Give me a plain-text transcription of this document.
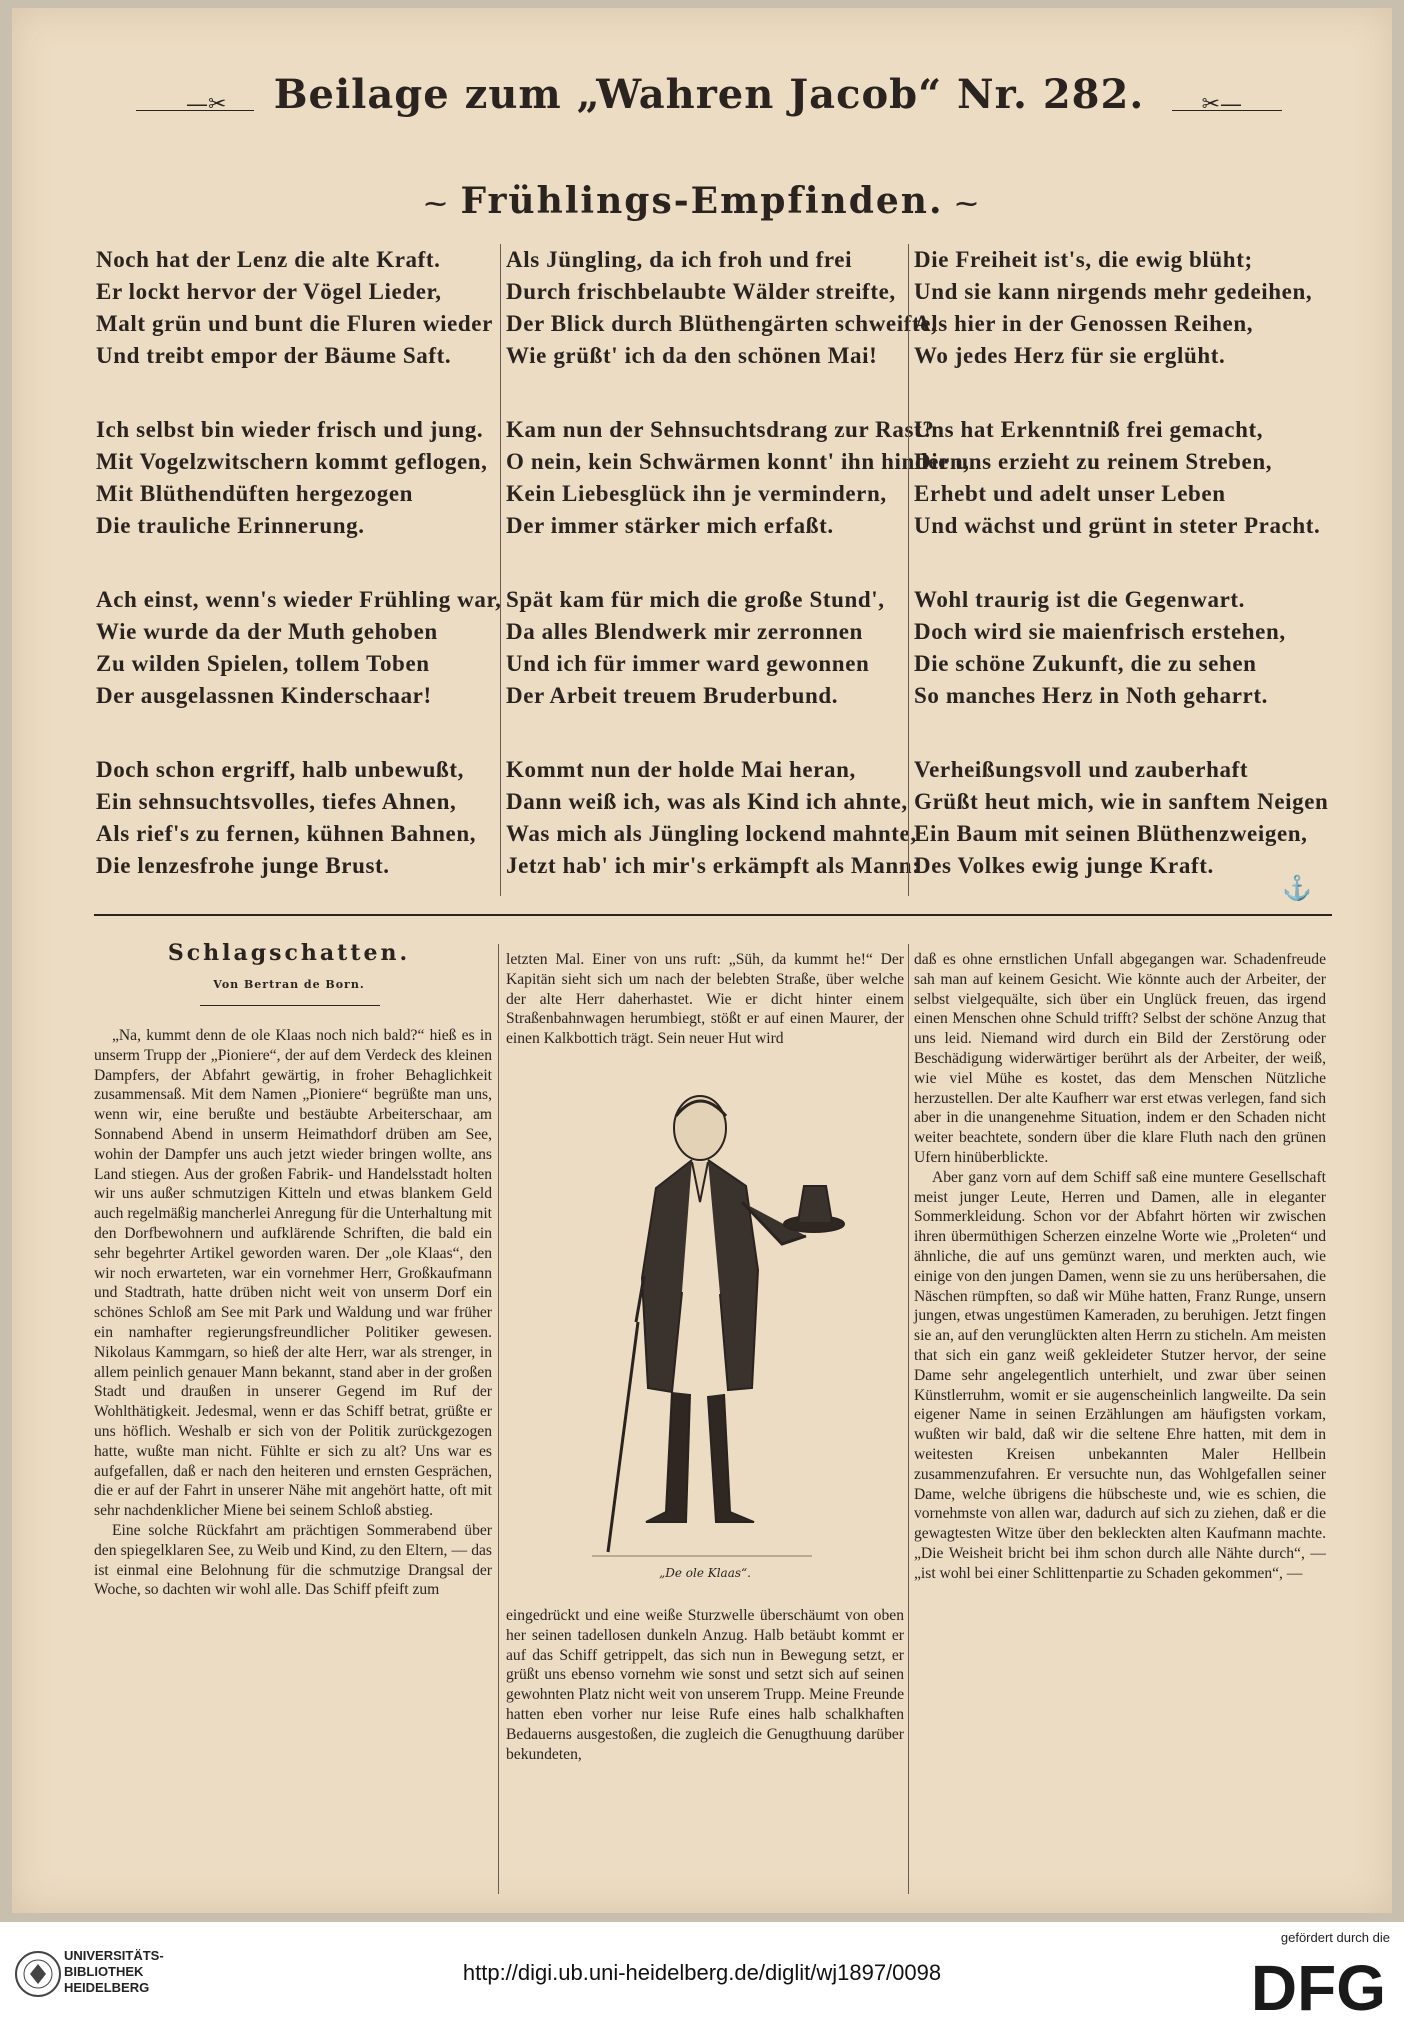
—✂	Beilage zum „Wahren Jacob“ Nr. 282.	✂—
⁓ Frühlings-Empfinden. ⁓
Noch hat der Lenz die alte Kraft.
Er lockt hervor der Vögel Lieder,
Malt grün und bunt die Fluren wieder
Und treibt empor der Bäume Saft.
Ich selbst bin wieder frisch und jung.
Mit Vogelzwitschern kommt geflogen,
Mit Blüthendüften hergezogen
Die trauliche Erinnerung.
Ach einst, wenn's wieder Frühling war,
Wie wurde da der Muth gehoben
Zu wilden Spielen, tollem Toben
Der ausgelassnen Kinderschaar!
Doch schon ergriff, halb unbewußt,
Ein sehnsuchtsvolles, tiefes Ahnen,
Als rief's zu fernen, kühnen Bahnen,
Die lenzesfrohe junge Brust.
Als Jüngling, da ich froh und frei
Durch frischbelaubte Wälder streifte,
Der Blick durch Blüthengärten schweifte,
Wie grüßt' ich da den schönen Mai!
Kam nun der Sehnsuchtsdrang zur Rast?
O nein, kein Schwärmen konnt' ihn hindern,
Kein Liebesglück ihn je vermindern,
Der immer stärker mich erfaßt.
Spät kam für mich die große Stund',
Da alles Blendwerk mir zerronnen
Und ich für immer ward gewonnen
Der Arbeit treuem Bruderbund.
Kommt nun der holde Mai heran,
Dann weiß ich, was als Kind ich ahnte,
Was mich als Jüngling lockend mahnte,
Jetzt hab' ich mir's erkämpft als Mann:
Die Freiheit ist's, die ewig blüht;
Und sie kann nirgends mehr gedeihen,
Als hier in der Genossen Reihen,
Wo jedes Herz für sie erglüht.
Uns hat Erkenntniß frei gemacht,
Die uns erzieht zu reinem Streben,
Erhebt und adelt unser Leben
Und wächst und grünt in steter Pracht.
Wohl traurig ist die Gegenwart.
Doch wird sie maienfrisch erstehen,
Die schöne Zukunft, die zu sehen
So manches Herz in Noth geharrt.
Verheißungsvoll und zauberhaft
Grüßt heut mich, wie in sanftem Neigen
Ein Baum mit seinen Blüthenzweigen,
Des Volkes ewig junge Kraft.
⚓
Schlagschatten.
Von Bertran de Born.

„Na, kummt denn de ole Klaas noch nich bald?“ hieß es in unserm Trupp der „Pioniere“, der auf dem Verdeck des kleinen Dampfers, der Abfahrt gewärtig, in froher Behaglichkeit zusammensaß. Mit dem Namen „Pioniere“ begrüßte man uns, wenn wir, eine berußte und bestäubte Arbeiterschaar, am Sonnabend Abend in unserm Heimathdorf drüben am See, wohin der Dampfer uns auch jetzt wieder bringen wollte, ans Land stiegen. Aus der großen Fabrik- und Handelsstadt holten wir uns außer schmutzigen Kitteln und etwas blankem Geld auch regelmäßig mancherlei Anregung für die Unterhaltung mit den Dorfbewohnern und aufklärende Schriften, die bald ein sehr begehrter Artikel geworden waren. Der „ole Klaas“, den wir noch erwarteten, war ein vornehmer Herr, Großkaufmann und Stadtrath, hatte drüben nicht weit von unserm Dorf ein schönes Schloß am See mit Park und Waldung und war früher ein namhafter regierungsfreundlicher Politiker gewesen. Nikolaus Kammgarn, so hieß der alte Herr, war als strenger, in allem peinlich genauer Mann bekannt, stand aber in der großen Stadt und draußen in unserer Gegend im Ruf der Wohlthätigkeit. Jedesmal, wenn er das Schiff betrat, grüßte er uns höflich. Weshalb er sich von der Politik zurückgezogen hatte, wußte man nicht. Fühlte er sich zu alt? Uns war es aufgefallen, daß er nach den heiteren und ernsten Gesprächen, die er auf der Fahrt in unserer Nähe mit angehört hatte, oft mit sehr nachdenklicher Miene bei seinem Schloß abstieg.

Eine solche Rückfahrt am prächtigen Sommerabend über den spiegelklaren See, zu Weib und Kind, zu den Eltern, — das ist einmal eine Belohnung für die schmutzige Drangsal der Woche, so dachten wir wohl alle. Das Schiff pfeift zum

letzten Mal. Einer von uns ruft: „Süh, da kummt he!“ Der Kapitän sieht sich um nach der belebten Straße, über welche der alte Herr daherhastet. Wie er dicht hinter einem Straßenbahnwagen herumbiegt, stößt er auf einen Maurer, der einen Kalkbottich trägt. Sein neuer Hut wird

„De ole Klaas“.

eingedrückt und eine weiße Sturzwelle überschäumt von oben her seinen tadellosen dunkeln Anzug. Halb betäubt kommt er auf das Schiff getrippelt, das sich nun in Bewegung setzt, er grüßt uns ebenso vornehm wie sonst und setzt sich auf seinen gewohnten Platz nicht weit von unserem Trupp. Meine Freunde hatten eben vorher nur leise Rufe eines halb schalkhaften Bedauerns ausgestoßen, die zugleich die Genugthuung darüber bekundeten,

daß es ohne ernstlichen Unfall abgegangen war. Schadenfreude sah man auf keinem Gesicht. Wie könnte auch der Arbeiter, der selbst vielgequälte, sich über ein Unglück freuen, das irgend einen Menschen ohne Schuld trifft? Selbst der schöne Anzug that uns leid. Niemand wird durch ein Bild der Zerstörung oder Beschädigung widerwärtiger berührt als der Arbeiter, der weiß, wie viel Mühe es kostet, das dem Menschen Nützliche herzustellen. Der alte Kaufherr war erst etwas verlegen, fand sich aber in die unangenehme Situation, indem er den Schaden nicht weiter beachtete, sondern über die klare Fluth nach den grünen Ufern hinüberblickte.

Aber ganz vorn auf dem Schiff saß eine muntere Gesellschaft meist junger Leute, Herren und Damen, alle in eleganter Sommerkleidung. Schon vor der Abfahrt hörten wir zwischen ihren übermüthigen Scherzen einzelne Worte wie „Proleten“ und ähnliche, die auf uns gemünzt waren, und merkten auch, wie einige von den jungen Damen, wenn sie zu uns herübersahen, die Näschen rümpften, so daß wir Mühe hatten, Franz Runge, unsern jungen, etwas ungestümen Kameraden, zu beruhigen. Jetzt fingen sie an, auf den verunglückten alten Herrn zu sticheln. Am meisten that sich ein ganz weiß gekleideter Stutzer hervor, der seine Dame sehr angelegentlich unterhielt, und zwar über seinen Künstlerruhm, womit er sie augenscheinlich langweilte. Da sein eigener Name in seinen Erzählungen am häufigsten vorkam, wußten wir bald, daß wir die seltene Ehre hatten, mit dem in weitesten Kreisen unbekannten Maler Hellbein zusammenzufahren. Er versuchte nun, das Wohlgefallen seiner Dame, welche übrigens die hübscheste und, wie es schien, die vornehmste von allen war, dadurch auf sich zu ziehen, daß er die gewagtesten Witze über den bekleckten alten Kaufmann machte. „Die Weisheit bricht bei ihm schon durch alle Nähte durch“, — „ist wohl bei einer Schlittenpartie zu Schaden gekommen“, —

UNIVERSITÄTS-
BIBLIOTHEK
HEIDELBERG
http://digi.ub.uni-heidelberg.de/diglit/wj1897/0098
gefördert durch die
DFG
